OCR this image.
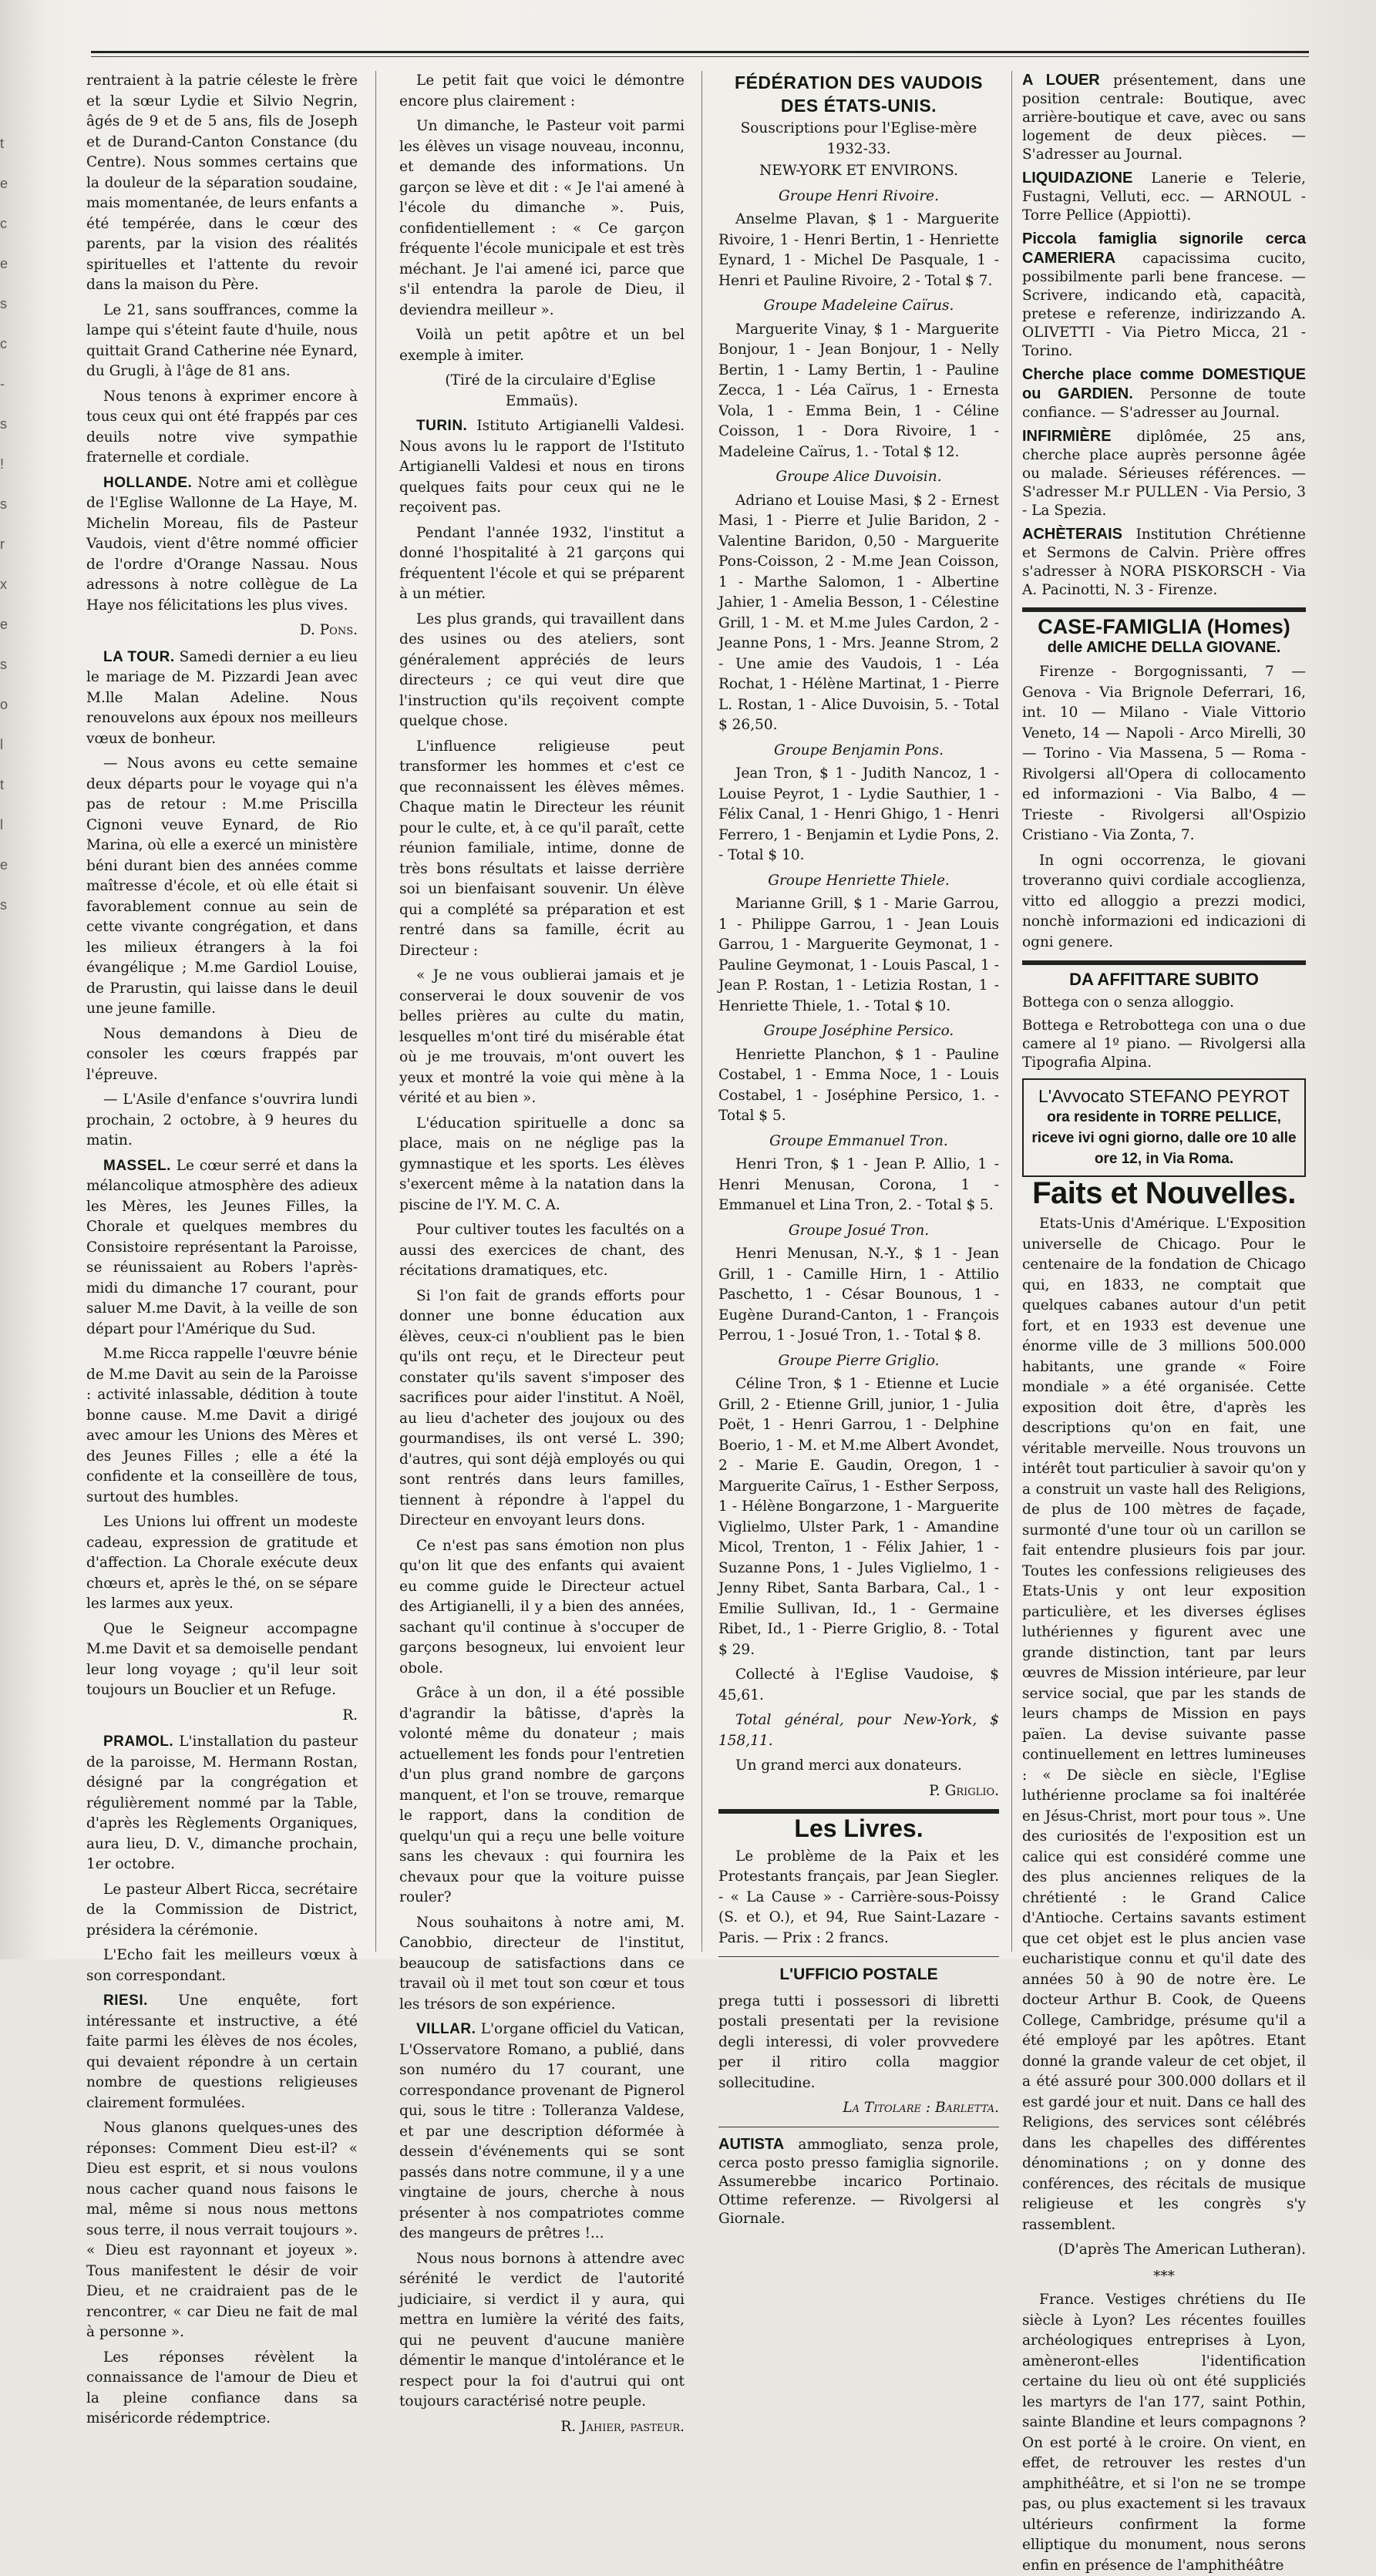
t
e
c
e
s
c
-
s
!
s
r
x
e
s
o
l
t
l
e
s

rentraient à la patrie céleste le frère et la sœur Lydie et Silvio Negrin, âgés de 9 et de 5 ans, fils de Joseph et de Durand-Canton Constance (du Centre). Nous sommes certains que la douleur de la séparation soudaine, mais momentanée, de leurs enfants a été tempérée, dans le cœur des parents, par la vision des réalités spirituelles et l'attente du revoir dans la maison du Père.

Le 21, sans souffrances, comme la lampe qui s'éteint faute d'huile, nous quittait Grand Catherine née Eynard, du Grugli, à l'âge de 81 ans.

Nous tenons à exprimer encore à tous ceux qui ont été frappés par ces deuils notre vive sympathie fraternelle et cordiale.

HOLLANDE. Notre ami et collègue de l'Eglise Wallonne de La Haye, M. Michelin Moreau, fils de Pasteur Vaudois, vient d'être nommé officier de l'ordre d'Orange Nassau. Nous adressons à notre collègue de La Haye nos félicitations les plus vives.

D. Pons.

LA TOUR. Samedi dernier a eu lieu le mariage de M. Pizzardi Jean avec M.lle Malan Adeline. Nous renouvelons aux époux nos meilleurs vœux de bonheur.

— Nous avons eu cette semaine deux départs pour le voyage qui n'a pas de retour : M.me Priscilla Cignoni veuve Eynard, de Rio Marina, où elle a exercé un ministère béni durant bien des années comme maîtresse d'école, et où elle était si favorablement connue au sein de cette vivante congrégation, et dans les milieux étrangers à la foi évangélique ; M.me Gardiol Louise, de Prarustin, qui laisse dans le deuil une jeune famille.

Nous demandons à Dieu de consoler les cœurs frappés par l'épreuve.

— L'Asile d'enfance s'ouvrira lundi prochain, 2 octobre, à 9 heures du matin.

MASSEL. Le cœur serré et dans la mélancolique atmosphère des adieux les Mères, les Jeunes Filles, la Chorale et quelques membres du Consistoire représentant la Paroisse, se réunissaient au Robers l'après-midi du dimanche 17 courant, pour saluer M.me Davit, à la veille de son départ pour l'Amérique du Sud.

M.me Ricca rappelle l'œuvre bénie de M.me Davit au sein de la Paroisse : activité inlassable, dédition à toute bonne cause. M.me Davit a dirigé avec amour les Unions des Mères et des Jeunes Filles ; elle a été la confidente et la conseillère de tous, surtout des humbles.

Les Unions lui offrent un modeste cadeau, expression de gratitude et d'affection. La Chorale exécute deux chœurs et, après le thé, on se sépare les larmes aux yeux.

Que le Seigneur accompagne M.me Davit et sa demoiselle pendant leur long voyage ; qu'il leur soit toujours un Bouclier et un Refuge.

R.

PRAMOL. L'installation du pasteur de la paroisse, M. Hermann Rostan, désigné par la congrégation et régulièrement nommé par la Table, d'après les Règlements Organiques, aura lieu, D. V., dimanche prochain, 1er octobre.

Le pasteur Albert Ricca, secrétaire de la Commission de District, présidera la cérémonie.

L'Echo fait les meilleurs vœux à son correspondant.

RIESI. Une enquête, fort intéressante et instructive, a été faite parmi les élèves de nos écoles, qui devaient répondre à un certain nombre de questions religieuses clairement formulées.

Nous glanons quelques-unes des réponses: Comment Dieu est-il? « Dieu est esprit, et si nous voulons nous cacher quand nous faisons le mal, même si nous nous mettons sous terre, il nous verrait toujours ». « Dieu est rayonnant et joyeux ». Tous manifestent le désir de voir Dieu, et ne craidraient pas de le rencontrer, « car Dieu ne fait de mal à personne ».

Les réponses révèlent la connaissance de l'amour de Dieu et la pleine confiance dans sa miséricorde rédemptrice.

Le petit fait que voici le démontre encore plus clairement :

Un dimanche, le Pasteur voit parmi les élèves un visage nouveau, inconnu, et demande des informations. Un garçon se lève et dit : « Je l'ai amené à l'école du dimanche ». Puis, confidentiellement : « Ce garçon fréquente l'école municipale et est très méchant. Je l'ai amené ici, parce que s'il entendra la parole de Dieu, il deviendra meilleur ».

Voilà un petit apôtre et un bel exemple à imiter.

(Tiré de la circulaire d'Eglise Emmaüs).

TURIN. Istituto Artigianelli Valdesi. Nous avons lu le rapport de l'Istituto Artigianelli Valdesi et nous en tirons quelques faits pour ceux qui ne le reçoivent pas.

Pendant l'année 1932, l'institut a donné l'hospitalité à 21 garçons qui fréquentent l'école et qui se préparent à un métier.

Les plus grands, qui travaillent dans des usines ou des ateliers, sont généralement appréciés de leurs directeurs ; ce qui veut dire que l'instruction qu'ils reçoivent compte quelque chose.

L'influence religieuse peut transformer les hommes et c'est ce que reconnaissent les élèves mêmes. Chaque matin le Directeur les réunit pour le culte, et, à ce qu'il paraît, cette réunion familiale, intime, donne de très bons résultats et laisse derrière soi un bienfaisant souvenir. Un élève qui a complété sa préparation et est rentré dans sa famille, écrit au Directeur :

« Je ne vous oublierai jamais et je conserverai le doux souvenir de vos belles prières au culte du matin, lesquelles m'ont tiré du misérable état où je me trouvais, m'ont ouvert les yeux et montré la voie qui mène à la vérité et au bien ».

L'éducation spirituelle a donc sa place, mais on ne néglige pas la gymnastique et les sports. Les élèves s'exercent même à la natation dans la piscine de l'Y. M. C. A.

Pour cultiver toutes les facultés on a aussi des exercices de chant, des récitations dramatiques, etc.

Si l'on fait de grands efforts pour donner une bonne éducation aux élèves, ceux-ci n'oublient pas le bien qu'ils ont reçu, et le Directeur peut constater qu'ils savent s'imposer des sacrifices pour aider l'institut. A Noël, au lieu d'acheter des joujoux ou des gourmandises, ils ont versé L. 390; d'autres, qui sont déjà employés ou qui sont rentrés dans leurs familles, tiennent à répondre à l'appel du Directeur en envoyant leurs dons.

Ce n'est pas sans émotion non plus qu'on lit que des enfants qui avaient eu comme guide le Directeur actuel des Artigianelli, il y a bien des années, sachant qu'il continue à s'occuper de garçons besogneux, lui envoient leur obole.

Grâce à un don, il a été possible d'agrandir la bâtisse, d'après la volonté même du donateur ; mais actuellement les fonds pour l'entretien d'un plus grand nombre de garçons manquent, et l'on se trouve, remarque le rapport, dans la condition de quelqu'un qui a reçu une belle voiture sans les chevaux : qui fournira les chevaux pour que la voiture puisse rouler?

Nous souhaitons à notre ami, M. Canobbio, directeur de l'institut, beaucoup de satisfactions dans ce travail où il met tout son cœur et tous les trésors de son expérience.

VILLAR. L'organe officiel du Vatican, L'Osservatore Romano, a publié, dans son numéro du 17 courant, une correspondance provenant de Pignerol qui, sous le titre : Tolleranza Valdese, et par une description déformée à dessein d'événements qui se sont passés dans notre commune, il y a une vingtaine de jours, cherche à nous présenter à nos compatriotes comme des mangeurs de prêtres !...

Nous nous bornons à attendre avec sérénité le verdict de l'autorité judiciaire, si verdict il y aura, qui mettra en lumière la vérité des faits, qui ne peuvent d'aucune manière démentir le manque d'intolérance et le respect pour la foi d'autrui qui ont toujours caractérisé notre peuple.

R. Jahier, pasteur.
FÉDÉRATION DES VAUDOIS
DES ÉTATS-UNIS.
Souscriptions pour l'Eglise-mère 1932-33.
NEW-YORK ET ENVIRONS.
Groupe Henri Rivoire.

Anselme Plavan, $ 1 - Marguerite Rivoire, 1 - Henri Bertin, 1 - Henriette Eynard, 1 - Michel De Pasquale, 1 - Henri et Pauline Rivoire, 2 - Total $ 7.

Groupe Madeleine Caïrus.

Marguerite Vinay, $ 1 - Marguerite Bonjour, 1 - Jean Bonjour, 1 - Nelly Bertin, 1 - Lamy Bertin, 1 - Pauline Zecca, 1 - Léa Caïrus, 1 - Ernesta Vola, 1 - Emma Bein, 1 - Céline Coisson, 1 - Dora Rivoire, 1 - Madeleine Caïrus, 1. - Total $ 12.

Groupe Alice Duvoisin.

Adriano et Louise Masi, $ 2 - Ernest Masi, 1 - Pierre et Julie Baridon, 2 - Valentine Baridon, 0,50 - Marguerite Pons-Coisson, 2 - M.me Jean Coisson, 1 - Marthe Salomon, 1 - Albertine Jahier, 1 - Amelia Besson, 1 - Célestine Grill, 1 - M. et M.me Jules Cardon, 2 - Jeanne Pons, 1 - Mrs. Jeanne Strom, 2 - Une amie des Vaudois, 1 - Léa Rochat, 1 - Hélène Martinat, 1 - Pierre L. Rostan, 1 - Alice Duvoisin, 5. - Total $ 26,50.

Groupe Benjamin Pons.

Jean Tron, $ 1 - Judith Nancoz, 1 - Louise Peyrot, 1 - Lydie Sauthier, 1 - Félix Canal, 1 - Henri Ghigo, 1 - Henri Ferrero, 1 - Benjamin et Lydie Pons, 2. - Total $ 10.

Groupe Henriette Thiele.

Marianne Grill, $ 1 - Marie Garrou, 1 - Philippe Garrou, 1 - Jean Louis Garrou, 1 - Marguerite Geymonat, 1 - Pauline Geymonat, 1 - Louis Pascal, 1 - Jean P. Rostan, 1 - Letizia Rostan, 1 - Henriette Thiele, 1. - Total $ 10.

Groupe Joséphine Persico.

Henriette Planchon, $ 1 - Pauline Costabel, 1 - Emma Noce, 1 - Louis Costabel, 1 - Joséphine Persico, 1. - Total $ 5.

Groupe Emmanuel Tron.

Henri Tron, $ 1 - Jean P. Allio, 1 - Henri Menusan, Corona, 1 - Emmanuel et Lina Tron, 2. - Total $ 5.

Groupe Josué Tron.

Henri Menusan, N.-Y., $ 1 - Jean Grill, 1 - Camille Hirn, 1 - Attilio Paschetto, 1 - César Bounous, 1 - Eugène Durand-Canton, 1 - François Perrou, 1 - Josué Tron, 1. - Total $ 8.

Groupe Pierre Griglio.

Céline Tron, $ 1 - Etienne et Lucie Grill, 2 - Etienne Grill, junior, 1 - Julia Poët, 1 - Henri Garrou, 1 - Delphine Boerio, 1 - M. et M.me Albert Avondet, 2 - Marie E. Gaudin, Oregon, 1 - Marguerite Caïrus, 1 - Esther Serposs, 1 - Hélène Bongarzone, 1 - Marguerite Viglielmo, Ulster Park, 1 - Amandine Micol, Trenton, 1 - Félix Jahier, 1 - Suzanne Pons, 1 - Jules Viglielmo, 1 - Jenny Ribet, Santa Barbara, Cal., 1 - Emilie Sullivan, Id., 1 - Germaine Ribet, Id., 1 - Pierre Griglio, 8. - Total $ 29.

Collecté à l'Eglise Vaudoise, $ 45,61.

Total général, pour New-York, $ 158,11.

Un grand merci aux donateurs.

P. Griglio.
Les Livres.

Le problème de la Paix et les Protestants français, par Jean Siegler. - « La Cause » - Carrière-sous-Poissy (S. et O.), et 94, Rue Saint-Lazare - Paris. — Prix : 2 francs.

L'UFFICIO POSTALE

prega tutti i possessori di libretti postali presentati per la revisione degli interessi, di voler provvedere per il ritiro colla maggior sollecitudine.

La Titolare : Barletta.

AUTISTA ammogliato, senza prole, cerca posto presso famiglia signorile. Assumerebbe incarico Portinaio. Ottime referenze. — Rivolgersi al Giornale.

A LOUER présentement, dans une position centrale: Boutique, avec arrière-boutique et cave, avec ou sans logement de deux pièces. — S'adresser au Journal.

LIQUIDAZIONE Lanerie e Telerie, Fustagni, Velluti, ecc. — ARNOUL - Torre Pellice (Appiotti).

Piccola famiglia signorile cerca CAMERIERA capacissima cucito, possibilmente parli bene francese. — Scrivere, indicando età, capacità, pretese e referenze, indirizzando A. OLIVETTI - Via Pietro Micca, 21 - Torino.

Cherche place comme DOMESTIQUE ou GARDIEN. Personne de toute confiance. — S'adresser au Journal.

INFIRMIÈRE diplômée, 25 ans, cherche place auprès personne âgée ou malade. Sérieuses références. — S'adresser M.r PULLEN - Via Persio, 3 - La Spezia.

ACHÈTERAIS Institution Chrétienne et Sermons de Calvin. Prière offres s'adresser à NORA PISKORSCH - Via A. Pacinotti, N. 3 - Firenze.

CASE-FAMIGLIA (Homes)
delle AMICHE DELLA GIOVANE.

Firenze - Borgognissanti, 7 — Genova - Via Brignole Deferrari, 16, int. 10 — Milano - Viale Vittorio Veneto, 14 — Napoli - Arco Mirelli, 30 — Torino - Via Massena, 5 — Roma - Rivolgersi all'Opera di collocamento ed informazioni - Via Balbo, 4 — Trieste - Rivolgersi all'Ospizio Cristiano - Via Zonta, 7.

In ogni occorrenza, le giovani troveranno quivi cordiale accoglienza, vitto ed alloggio a prezzi modici, nonchè informazioni ed indicazioni di ogni genere.

DA AFFITTARE SUBITO

Bottega con o senza alloggio.

Bottega e Retrobottega con una o due camere al 1º piano. — Rivolgersi alla Tipografia Alpina.

L'Avvocato STEFANO PEYROT
ora residente in TORRE PELLICE, riceve ivi ogni giorno, dalle ore 10 alle ore 12, in Via Roma.
Faits et Nouvelles.

Etats-Unis d'Amérique. L'Exposition universelle de Chicago. Pour le centenaire de la fondation de Chicago qui, en 1833, ne comptait que quelques cabanes autour d'un petit fort, et en 1933 est devenue une énorme ville de 3 millions 500.000 habitants, une grande « Foire mondiale » a été organisée. Cette exposition doit être, d'après les descriptions qu'on en fait, une véritable merveille. Nous trouvons un intérêt tout particulier à savoir qu'on y a construit un vaste hall des Religions, de plus de 100 mètres de façade, surmonté d'une tour où un carillon se fait entendre plusieurs fois par jour. Toutes les confessions religieuses des Etats-Unis y ont leur exposition particulière, et les diverses églises luthériennes y figurent avec une grande distinction, tant par leurs œuvres de Mission intérieure, par leur service social, que par les stands de leurs champs de Mission en pays païen. La devise suivante passe continuellement en lettres lumineuses : « De siècle en siècle, l'Eglise luthérienne proclame sa foi inaltérée en Jésus-Christ, mort pour tous ». Une des curiosités de l'exposition est un calice qui est considéré comme une des plus anciennes reliques de la chrétienté : le Grand Calice d'Antioche. Certains savants estiment que cet objet est le plus ancien vase eucharistique connu et qu'il date des années 50 à 90 de notre ère. Le docteur Arthur B. Cook, de Queens College, Cambridge, présume qu'il a été employé par les apôtres. Etant donné la grande valeur de cet objet, il a été assuré pour 300.000 dollars et il est gardé jour et nuit. Dans ce hall des Religions, des services sont célébrés dans les chapelles des différentes dénominations ; on y donne des conférences, des récitals de musique religieuse et les congrès s'y rassemblent.

(D'après The American Lutheran).
***

France. Vestiges chrétiens du IIe siècle à Lyon? Les récentes fouilles archéologiques entreprises à Lyon, amèneront-elles l'identification certaine du lieu où ont été suppliciés les martyrs de l'an 177, saint Pothin, sainte Blandine et leurs compagnons ? On est porté à le croire. On vient, en effet, de retrouver les restes d'un amphithéâtre, et si l'on ne se trompe pas, ou plus exactement si les travaux ultérieurs confirment la forme elliptique du monument, nous serons enfin en présence de l'amphithéâtre
